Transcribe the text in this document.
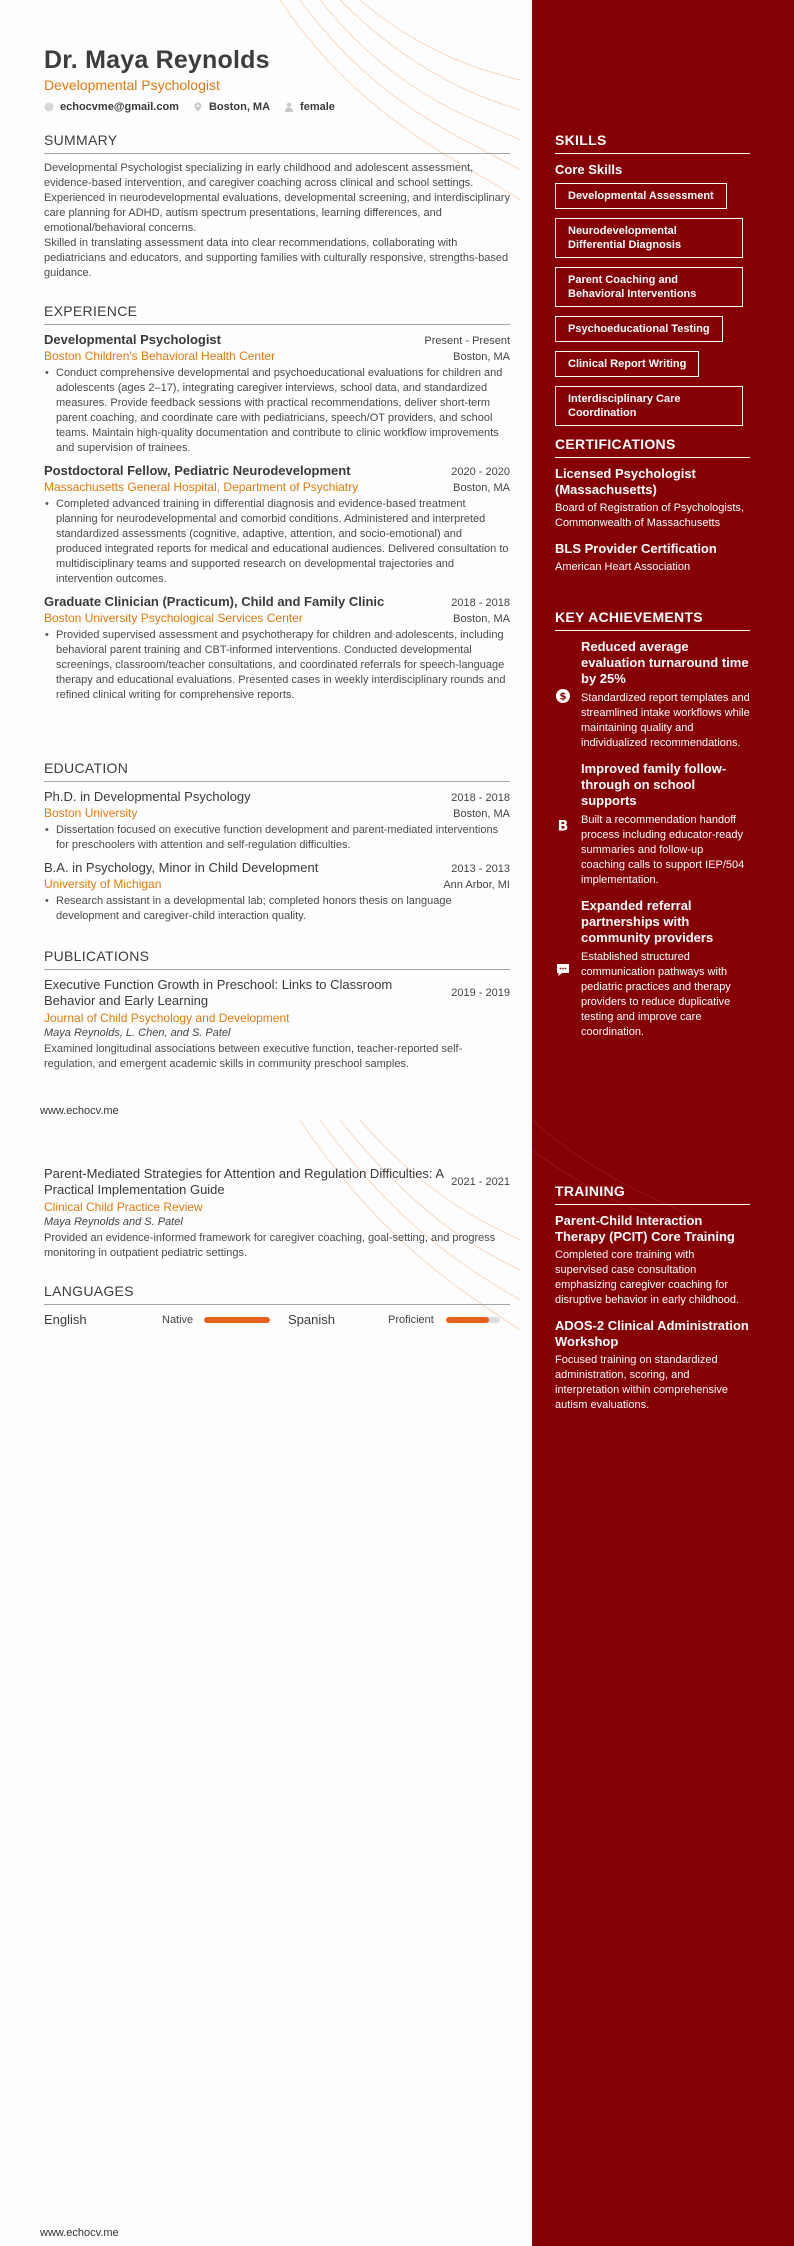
Dr. Maya Reynolds
Developmental Psychologist
echocvme@gmail.com	Boston, MA	female
SUMMARY

Developmental Psychologist specializing in early childhood and adolescent assessment, evidence-based intervention, and caregiver coaching across clinical and school settings.

Experienced in neurodevelopmental evaluations, developmental screening, and interdisciplinary care planning for ADHD, autism spectrum presentations, learning differences, and emotional/behavioral concerns.

Skilled in translating assessment data into clear recommendations, collaborating with pediatricians and educators, and supporting families with culturally responsive, strengths-based guidance.

EXPERIENCE
Developmental Psychologist	Present - Present
Boston Children's Behavioral Health Center	Boston, MA
• Conduct comprehensive developmental and psychoeducational evaluations for children and adolescents (ages 2–17), integrating caregiver interviews, school data, and standardized measures. Provide feedback sessions with practical recommendations, deliver short-term parent coaching, and coordinate care with pediatricians, speech/OT providers, and school teams. Maintain high-quality documentation and contribute to clinic workflow improvements and supervision of trainees.
Postdoctoral Fellow, Pediatric Neurodevelopment	2020 - 2020
Massachusetts General Hospital, Department of Psychiatry	Boston, MA
• Completed advanced training in differential diagnosis and evidence-based treatment planning for neurodevelopmental and comorbid conditions. Administered and interpreted standardized assessments (cognitive, adaptive, attention, and socio-emotional) and produced integrated reports for medical and educational audiences. Delivered consultation to multidisciplinary teams and supported research on developmental trajectories and intervention outcomes.
Graduate Clinician (Practicum), Child and Family Clinic	2018 - 2018
Boston University Psychological Services Center	Boston, MA
• Provided supervised assessment and psychotherapy for children and adolescents, including behavioral parent training and CBT-informed interventions. Conducted developmental screenings, classroom/teacher consultations, and coordinated referrals for speech-language therapy and educational evaluations. Presented cases in weekly interdisciplinary rounds and refined clinical writing for comprehensive reports.
EDUCATION
Ph.D. in Developmental Psychology	2018 - 2018
Boston University	Boston, MA
• Dissertation focused on executive function development and parent-mediated interventions for preschoolers with attention and self-regulation difficulties.
B.A. in Psychology, Minor in Child Development	2013 - 2013
University of Michigan	Ann Arbor, MI
• Research assistant in a developmental lab; completed honors thesis on language development and caregiver-child interaction quality.
PUBLICATIONS
Executive Function Growth in Preschool: Links to Classroom Behavior and Early Learning	2019 - 2019
Journal of Child Psychology and Development
Maya Reynolds, L. Chen, and S. Patel

Examined longitudinal associations between executive function, teacher-reported self-regulation, and emergent academic skills in community preschool samples.

www.echocv.me
Parent-Mediated Strategies for Attention and Regulation Difficulties: A Practical Implementation Guide	2021 - 2021
Clinical Child Practice Review
Maya Reynolds and S. Patel

Provided an evidence-informed framework for caregiver coaching, goal-setting, and progress monitoring in outpatient pediatric settings.

LANGUAGES
English	Native	Spanish	Proficient
www.echocv.me
SKILLS
Core Skills
Developmental Assessment
Neurodevelopmental Differential Diagnosis
Parent Coaching and Behavioral Interventions
Psychoeducational Testing
Clinical Report Writing
Interdisciplinary Care Coordination
CERTIFICATIONS
Licensed Psychologist (Massachusetts)
Board of Registration of Psychologists, Commonwealth of Massachusetts
BLS Provider Certification
American Heart Association
KEY ACHIEVEMENTS
$
Reduced average evaluation turnaround time by 25%
Standardized report templates and streamlined intake workflows while maintaining quality and individualized recommendations.
B
Improved family follow-through on school supports
Built a recommendation handoff process including educator-ready summaries and follow-up coaching calls to support IEP/504 implementation.
Expanded referral partnerships with community providers
Established structured communication pathways with pediatric practices and therapy providers to reduce duplicative testing and improve care coordination.
TRAINING
Parent-Child Interaction Therapy (PCIT) Core Training
Completed core training with supervised case consultation emphasizing caregiver coaching for disruptive behavior in early childhood.
ADOS-2 Clinical Administration Workshop
Focused training on standardized administration, scoring, and interpretation within comprehensive autism evaluations.
